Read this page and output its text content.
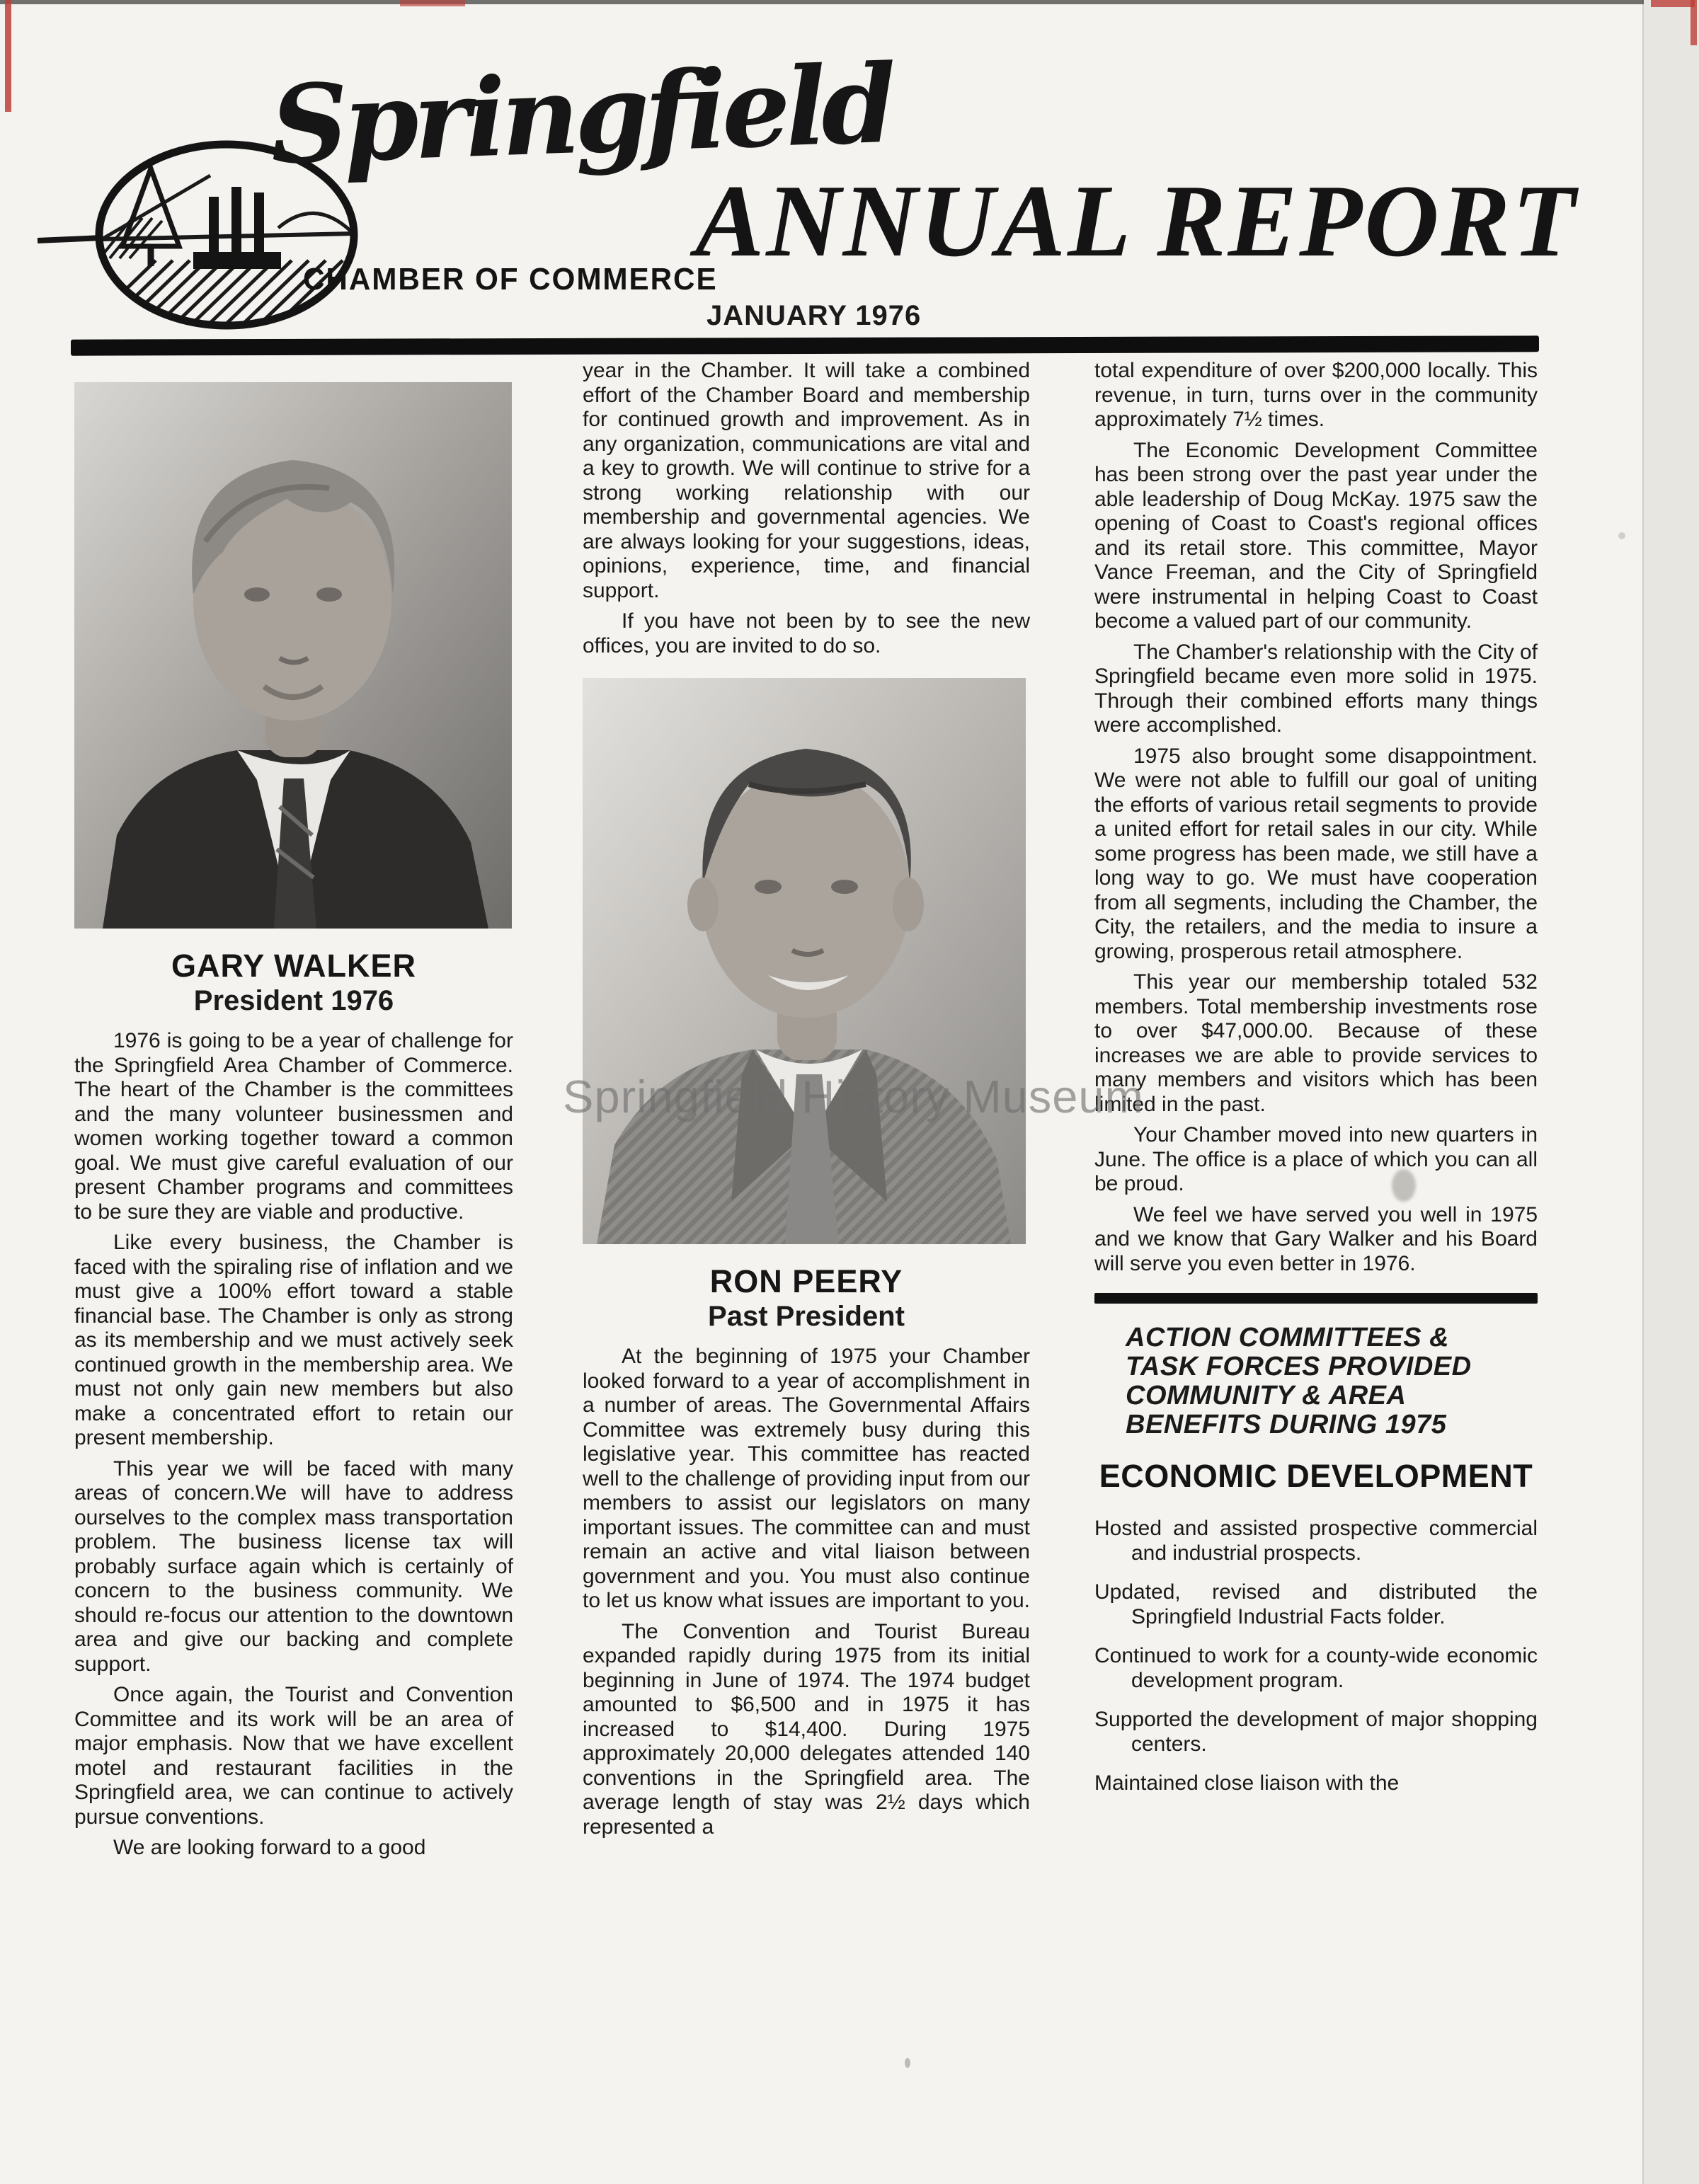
Springfield
CHAMBER OF COMMERCE
ANNUAL REPORT
JANUARY 1976
Springfield History Museum
GARY WALKER
President 1976

1976 is going to be a year of challenge for the Springfield Area Chamber of Commerce. The heart of the Chamber is the committees and the many volunteer businessmen and women working together toward a common goal. We must give careful evaluation of our present Chamber programs and committees to be sure they are viable and productive.

Like every business, the Chamber is faced with the spiraling rise of inflation and we must give a 100% effort toward a stable financial base. The Chamber is only as strong as its membership and we must actively seek continued growth in the membership area. We must not only gain new members but also make a concentrated effort to retain our present membership.

This year we will be faced with many areas of concern.We will have to address ourselves to the complex mass transportation problem. The business license tax will probably surface again which is certainly of concern to the business community. We should re-focus our attention to the downtown area and give our backing and complete support.

Once again, the Tourist and Convention Committee and its work will be an area of major emphasis. Now that we have excellent motel and restaurant facilities in the Springfield area, we can continue to actively pursue conventions.

We are looking forward to a good

year in the Chamber. It will take a combined effort of the Chamber Board and membership for continued growth and improvement. As in any organization, communications are vital and a key to growth. We will continue to strive for a strong working relationship with our membership and governmental agencies. We are always looking for your suggestions, ideas, opinions, experience, time, and financial support.

If you have not been by to see the new offices, you are invited to do so.

RON PEERY
Past President

At the beginning of 1975 your Chamber looked forward to a year of accomplishment in a number of areas. The Governmental Affairs Committee was extremely busy during this legislative year. This committee has reacted well to the challenge of providing input from our members to assist our legislators on many important issues. The committee can and must remain an active and vital liaison between government and you. You must also continue to let us know what issues are important to you.

The Convention and Tourist Bureau expanded rapidly during 1975 from its initial beginning in June of 1974. The 1974 budget amounted to $6,500 and in 1975 it has increased to $14,400. During 1975 approximately 20,000 delegates attended 140 conventions in the Springfield area. The average length of stay was 2½ days which represented a

total expenditure of over $200,000 locally. This revenue, in turn, turns over in the community approximately 7½ times.

The Economic Development Committee has been strong over the past year under the able leadership of Doug McKay. 1975 saw the opening of Coast to Coast's regional offices and its retail store. This committee, Mayor Vance Freeman, and the City of Springfield were instrumental in helping Coast to Coast become a valued part of our community.

The Chamber's relationship with the City of Springfield became even more solid in 1975. Through their combined efforts many things were accomplished.

1975 also brought some disappointment. We were not able to fulfill our goal of uniting the efforts of various retail segments to provide a united effort for retail sales in our city. While some progress has been made, we still have a long way to go. We must have cooperation from all segments, including the Chamber, the City, the retailers, and the media to insure a growing, prosperous retail atmosphere.

This year our membership totaled 532 members. Total membership investments rose to over $47,000.00. Because of these increases we are able to provide services to many members and visitors which has been limited in the past.

Your Chamber moved into new quarters in June. The office is a place of which you can all be proud.

We feel we have served you well in 1975 and we know that Gary Walker and his Board will serve you even better in 1976.

ACTION COMMITTEES & TASK FORCES PROVIDED COMMUNITY & AREA BENEFITS DURING 1975
ECONOMIC DEVELOPMENT

Hosted and assisted prospective commercial and industrial prospects.

Updated, revised and distributed the Springfield Industrial Facts folder.

Continued to work for a county-wide economic development program.

Supported the development of major shopping centers.

Maintained close liaison with the
